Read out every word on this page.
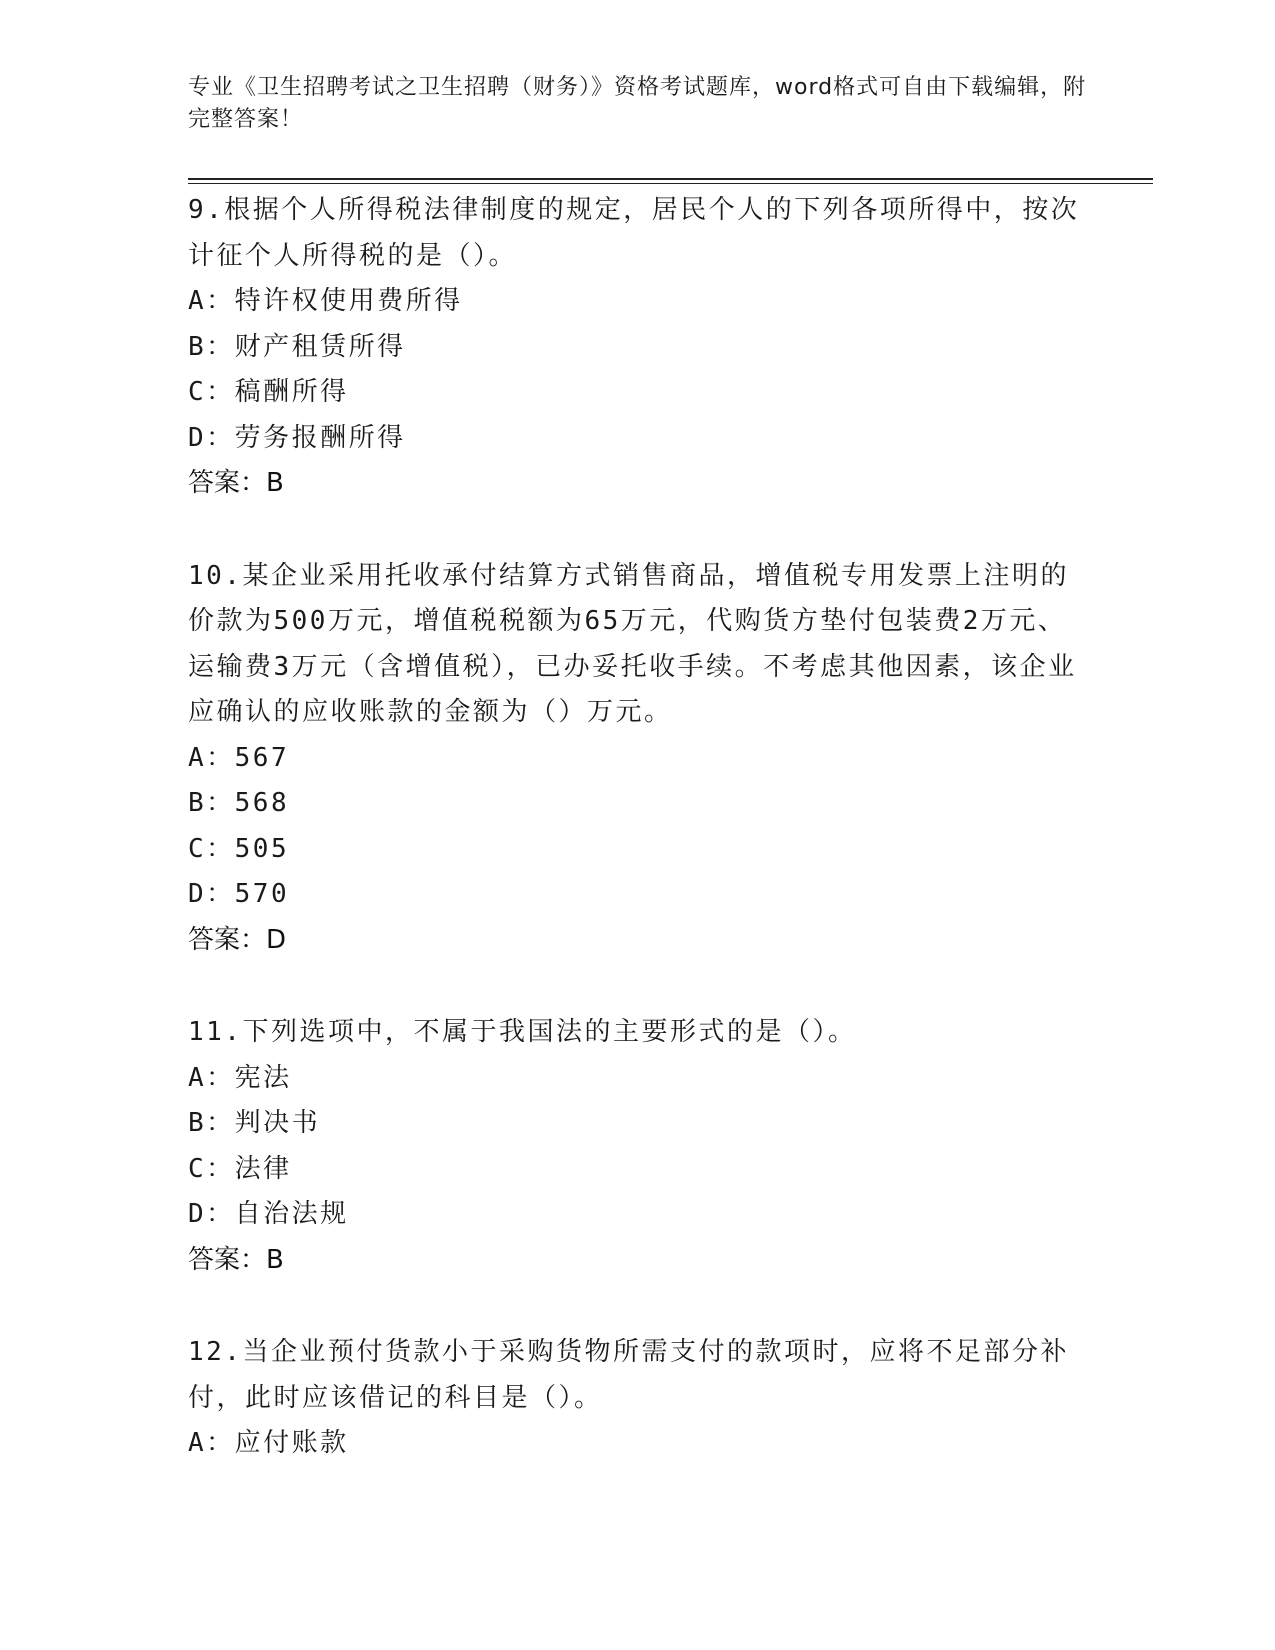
专业《卫生招聘考试之卫生招聘（财务）》资格考试题库，word格式可自由下载编辑，附完整答案！

9.根据个人所得税法律制度的规定，居民个人的下列各项所得中，按次计征个人所得税的是（）。

A：特许权使用费所得

B：财产租赁所得

C：稿酬所得

D：劳务报酬所得

答案：B

10.某企业采用托收承付结算方式销售商品，增值税专用发票上注明的价款为500万元，增值税税额为65万元，代购货方垫付包装费2万元、运输费3万元（含增值税），已办妥托收手续。不考虑其他因素，该企业应确认的应收账款的金额为（）万元。

A：567

B：568

C：505

D：570

答案：D

11.下列选项中，不属于我国法的主要形式的是（）。

A：宪法

B：判决书

C：法律

D：自治法规

答案：B

12.当企业预付货款小于采购货物所需支付的款项时，应将不足部分补付，此时应该借记的科目是（）。

A：应付账款
